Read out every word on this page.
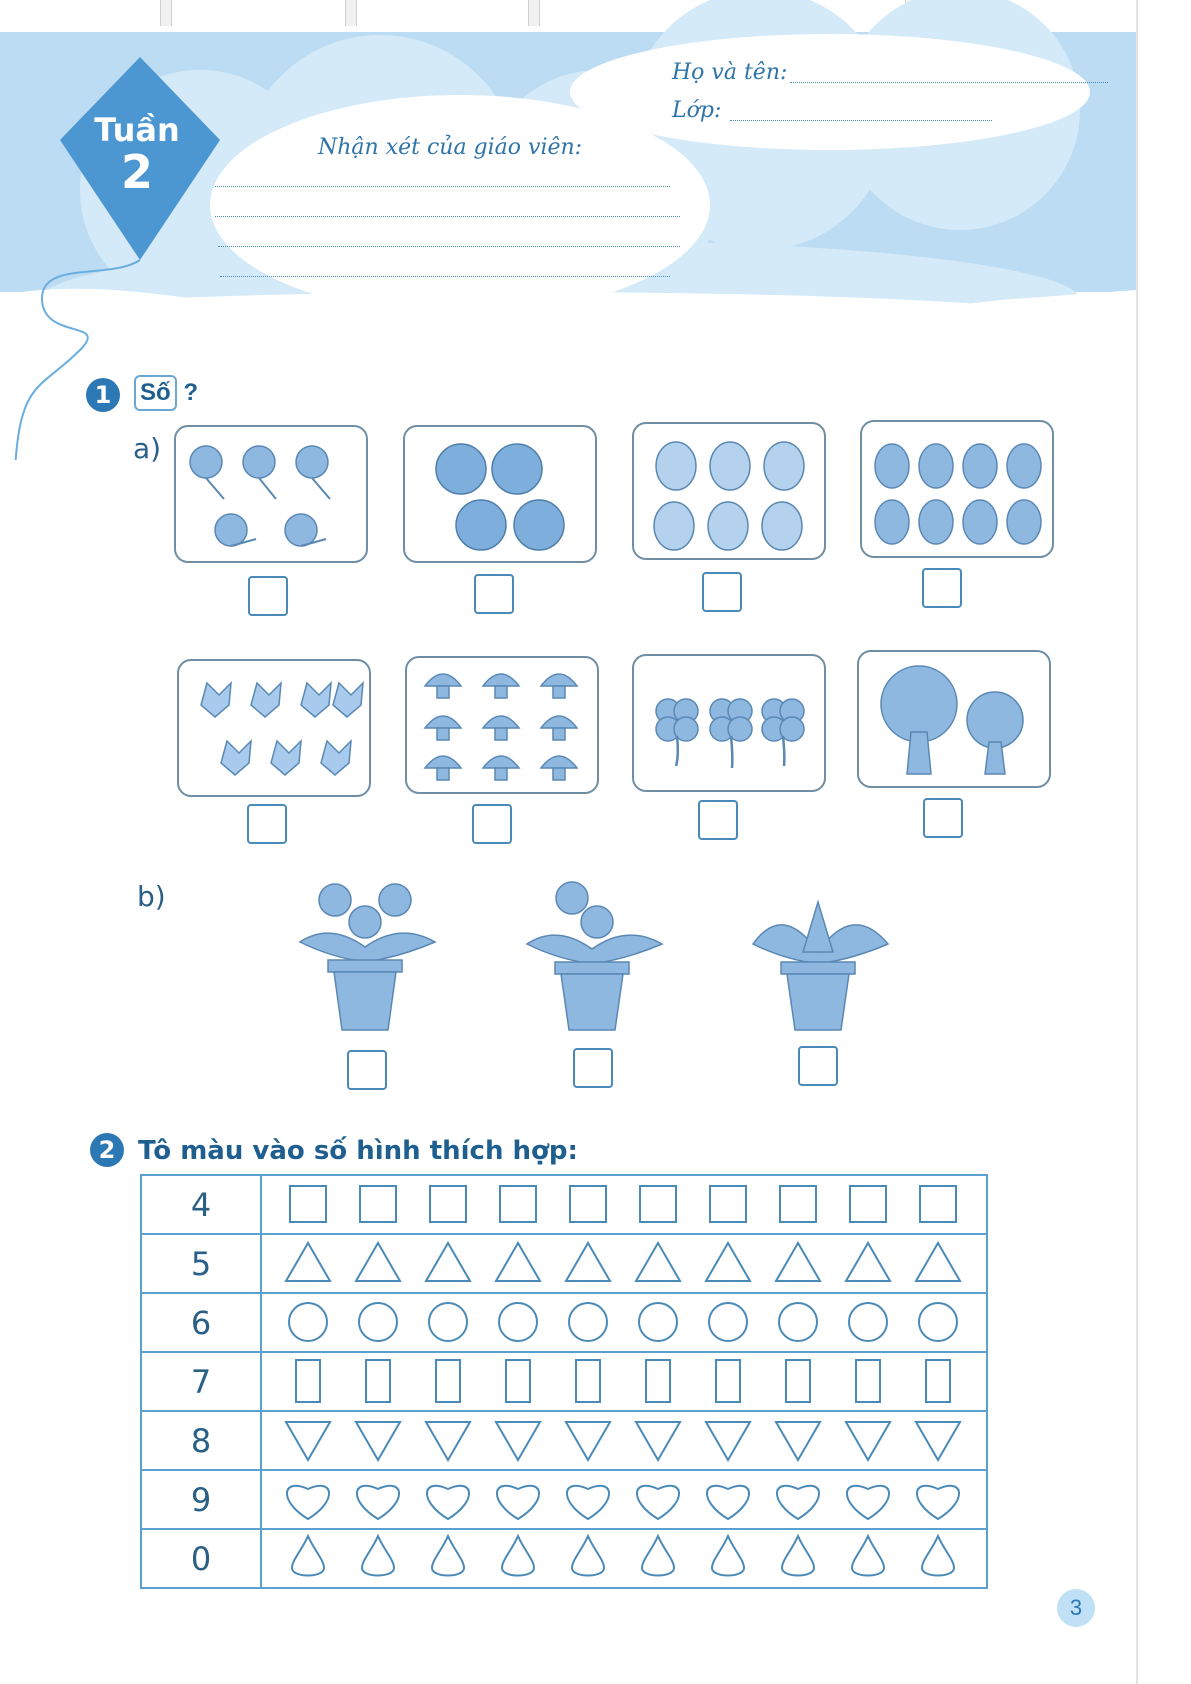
Tuần
2
Họ và tên:
Lớp:
Nhận xét của giáo viên:
1	Số ?
a)
b)
2 Tô màu vào số hình thích hợp:
4	

5	

6	

7	

8	

9	

0	
3
